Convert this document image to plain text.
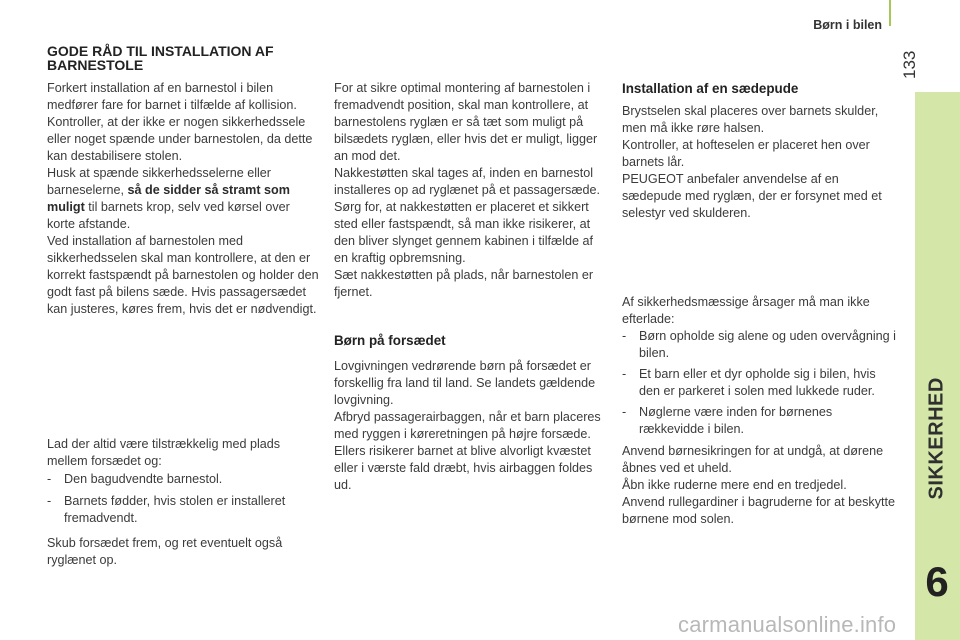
Børn i bilen
133
SIKKERHED
6

GODE RÅD TIL INSTALLATION AF BARNESTOLE

Forkert installation af en barnestol i bilen medfører fare for barnet i tilfælde af kollision.

Kontroller, at der ikke er nogen sikkerhedssele eller noget spænde under barnestolen, da dette kan destabilisere stolen.

Husk at spænde sikkerhedsselerne eller barneselerne, så de sidder så stramt som muligt til barnets krop, selv ved kørsel over korte afstande.

Ved installation af barnestolen med sikkerhedsselen skal man kontrollere, at den er korrekt fastspændt på barnestolen og holder den godt fast på bilens sæde. Hvis passagersædet kan justeres, køres frem, hvis det er nødvendigt.

Lad der altid være tilstrækkelig med plads mellem forsædet og:

-	Den bagudvendte barnestol.
-	Barnets fødder, hvis stolen er installeret fremadvendt.

Skub forsædet frem, og ret eventuelt også ryglænet op.

For at sikre optimal montering af barnestolen i fremadvendt position, skal man kontrollere, at barnestolens ryglæn er så tæt som muligt på bilsædets ryglæn, eller hvis det er muligt, ligger an mod det.

Nakkestøtten skal tages af, inden en barnestol installeres op ad ryglænet på et passagersæde.

Sørg for, at nakkestøtten er placeret et sikkert sted eller fastspændt, så man ikke risikerer, at den bliver slynget gennem kabinen i tilfælde af en kraftig opbremsning.

Sæt nakkestøtten på plads, når barnestolen er fjernet.

Børn på forsædet

Lovgivningen vedrørende børn på forsædet er forskellig fra land til land. Se landets gældende lovgivning.

Afbryd passagerairbaggen, når et barn placeres med ryggen i køreretningen på højre forsæde.

Ellers risikerer barnet at blive alvorligt kvæstet eller i værste fald dræbt, hvis airbaggen foldes ud.

Installation af en sædepude

Brystselen skal placeres over barnets skulder, men må ikke røre halsen.

Kontroller, at hofteselen er placeret hen over barnets lår.

PEUGEOT anbefaler anvendelse af en sædepude med ryglæn, der er forsynet med et selestyr ved skulderen.

Af sikkerhedsmæssige årsager må man ikke efterlade:

-	Børn opholde sig alene og uden overvågning i bilen.
-	Et barn eller et dyr opholde sig i bilen, hvis den er parkeret i solen med lukkede ruder.
-	Nøglerne være inden for børnenes rækkevidde i bilen.

Anvend børnesikringen for at undgå, at dørene åbnes ved et uheld.

Åbn ikke ruderne mere end en tredjedel.

Anvend rullegardiner i bagruderne for at beskytte børnene mod solen.

carmanualsonline.info
